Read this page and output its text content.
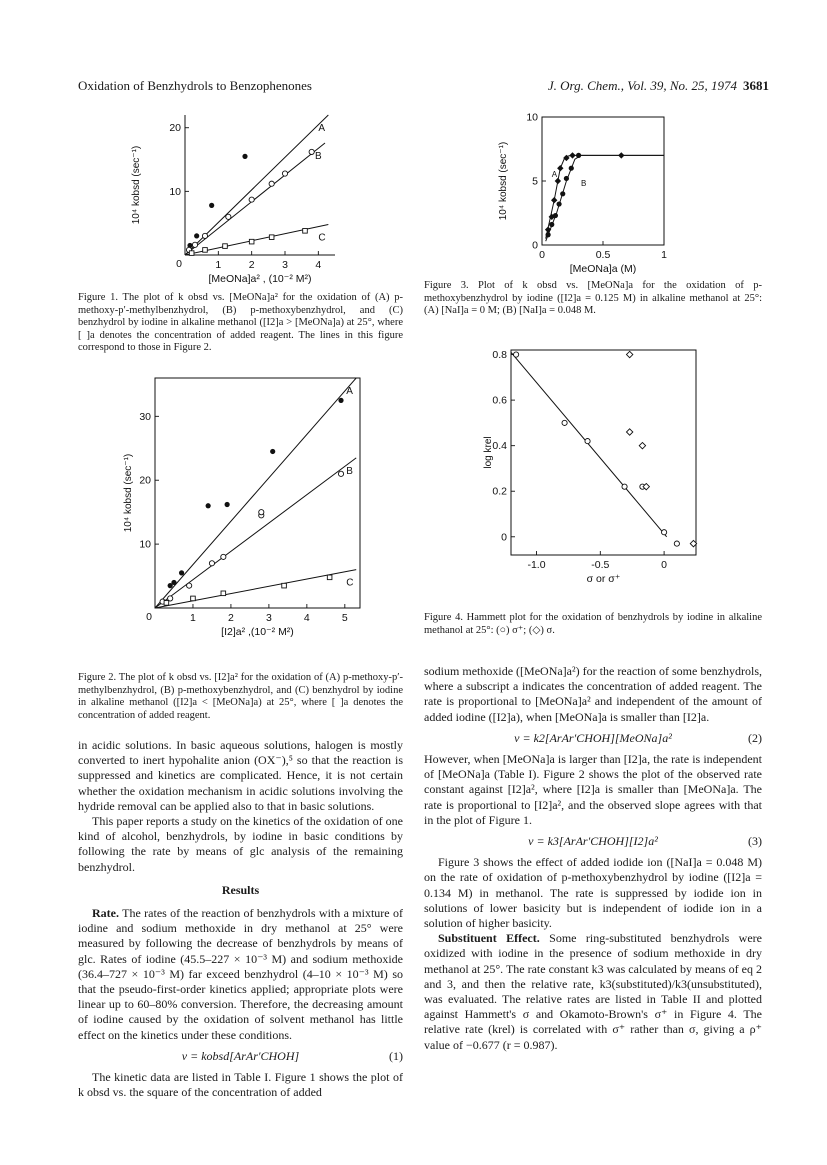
Oxidation of Benzhydrols to Benzophenones	J. Org. Chem., Vol. 39, No. 25, 1974 3681
1	2	3	4
10
20
0
[MeONa]a² , (10⁻² M²)
10⁴ kobsd (sec⁻¹)
A
B
C
Figure 1. The plot of k obsd vs. [MeONa]a² for the oxidation of (A) p-methoxy-p′-methylbenzhydrol, (B) p-methoxybenzhydrol, and (C) benzhydrol by iodine in alkaline methanol ([I2]a > [MeONa]a) at 25°, where [ ]a denotes the concentration of added reagent. The lines in this figure correspond to those in Figure 2.
1	2	3	4	5
10
20
30
0
[I2]a² ,(10⁻² M²)
10⁴ kobsd (sec⁻¹)
A
B
C
Figure 2. The plot of k obsd vs. [I2]a² for the oxidation of (A) p-methoxy-p′-methylbenzhydrol, (B) p-methoxybenzhydrol, and (C) benzhydrol by iodine in alkaline methanol ([I2]a < [MeONa]a) at 25°, where [ ]a denotes the concentration of added reagent.
0	0.5	1
0
5
10
[MeONa]a (M)
10⁴ kobsd (sec⁻¹)	A
B
Figure 3. Plot of k obsd vs. [MeONa]a for the oxidation of p-methoxybenzhydrol by iodine ([I2]a = 0.125 M) in alkaline methanol at 25°: (A) [NaI]a = 0 M; (B) [NaI]a = 0.048 M.
-1.0	-0.5	0
0
0.2
0.4
0.6
0.8
σ or σ⁺
log krel
Figure 4. Hammett plot for the oxidation of benzhydrols by iodine in alkaline methanol at 25°: (○) σ⁺; (◇) σ.

in acidic solutions. In basic aqueous solutions, halogen is mostly converted to inert hypohalite anion (OX⁻),⁵ so that the reaction is suppressed and kinetics are complicated. Hence, it is not certain whether the oxidation mechanism in acidic solutions involving the hydride removal can be applied also to that in basic solutions.

This paper reports a study on the kinetics of the oxidation of one kind of alcohol, benzhydrols, by iodine in basic conditions by following the rate by means of glc analysis of the remaining benzhydrol.

Results

Rate. The rates of the reaction of benzhydrols with a mixture of iodine and sodium methoxide in dry methanol at 25° were measured by following the decrease of benzhydrols by means of glc. Rates of iodine (45.5–227 × 10⁻³ M) and sodium methoxide (36.4–727 × 10⁻³ M) far exceed benzhydrol (4–10 × 10⁻³ M) so that the pseudo-first-order kinetics applied; appropriate plots were linear up to 60–80% conversion. Therefore, the decreasing amount of iodine caused by the oxidation of solvent methanol has little effect on the kinetics under these conditions.

v = kobsd[ArAr′CHOH]	(1)

The kinetic data are listed in Table I. Figure 1 shows the plot of k obsd vs. the square of the concentration of added

sodium methoxide ([MeONa]a²) for the reaction of some benzhydrols, where a subscript a indicates the concentration of added reagent. The rate is proportional to [MeONa]a² and independent of the amount of added iodine ([I2]a), when [MeONa]a is smaller than [I2]a.

v = k2[ArAr′CHOH][MeONa]a²	(2)

However, when [MeONa]a is larger than [I2]a, the rate is independent of [MeONa]a (Table I). Figure 2 shows the plot of the observed rate constant against [I2]a², where [I2]a is smaller than [MeONa]a. The rate is proportional to [I2]a², and the observed slope agrees with that in the plot of Figure 1.

v = k3[ArAr′CHOH][I2]a²	(3)

Figure 3 shows the effect of added iodide ion ([NaI]a = 0.048 M) on the rate of oxidation of p-methoxybenzhydrol by iodine ([I2]a = 0.134 M) in methanol. The rate is suppressed by iodide ion in solutions of lower basicity but is independent of iodide ion in a solution of higher basicity.

Substituent Effect. Some ring-substituted benzhydrols were oxidized with iodine in the presence of sodium methoxide in dry methanol at 25°. The rate constant k3 was calculated by means of eq 2 and 3, and then the relative rate, k3(substituted)/k3(unsubstituted), was evaluated. The relative rates are listed in Table II and plotted against Hammett's σ and Okamoto-Brown's σ⁺ in Figure 4. The relative rate (krel) is correlated with σ⁺ rather than σ, giving a ρ⁺ value of −0.677 (r = 0.987).
